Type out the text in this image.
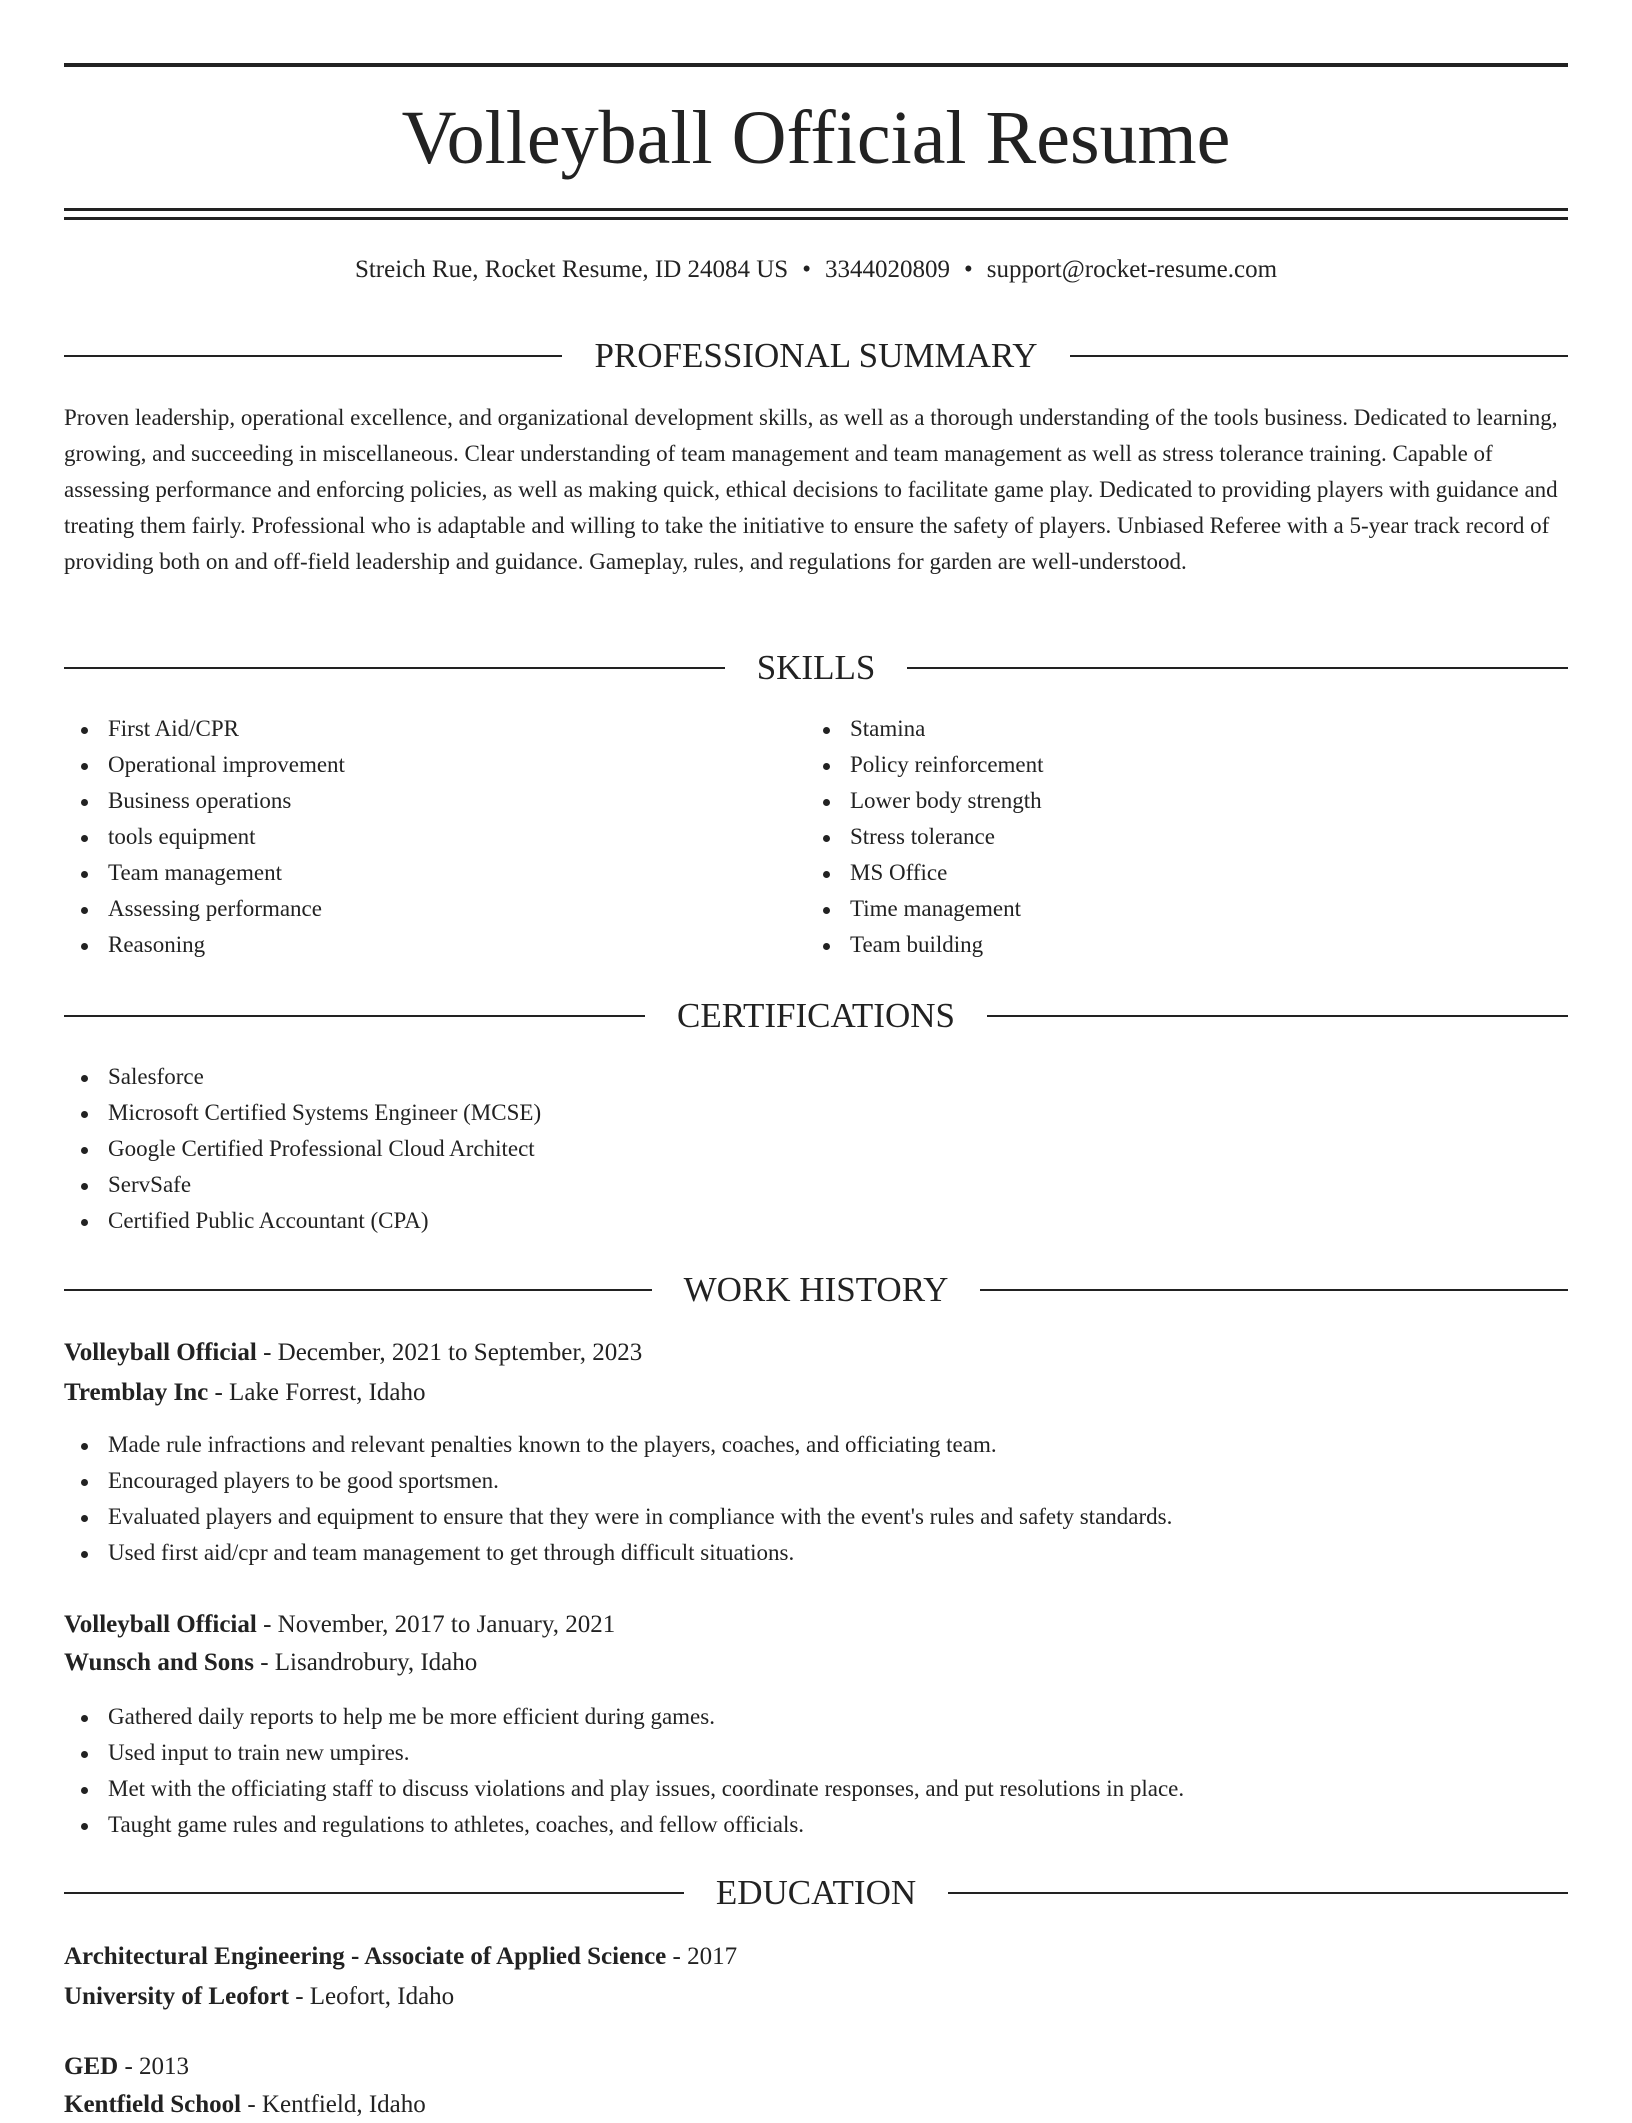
Volleyball Official Resume
Streich Rue, Rocket Resume, ID 24084 US • 3344020809 • support@rocket-resume.com
PROFESSIONAL SUMMARY

Proven leadership, operational excellence, and organizational development skills, as well as a thorough understanding of the tools business. Dedicated to learning, growing, and succeeding in miscellaneous. Clear understanding of team management and team management as well as stress tolerance training. Capable of assessing performance and enforcing policies, as well as making quick, ethical decisions to facilitate game play. Dedicated to providing players with guidance and treating them fairly. Professional who is adaptable and willing to take the initiative to ensure the safety of players. Unbiased Referee with a 5-year track record of providing both on and off-field leadership and guidance. Gameplay, rules, and regulations for garden are well-understood.

SKILLS
First Aid/CPR
Operational improvement
Business operations
tools equipment
Team management
Assessing performance
Reasoning
Stamina
Policy reinforcement
Lower body strength
Stress tolerance
MS Office
Time management
Team building
CERTIFICATIONS
Salesforce
Microsoft Certified Systems Engineer (MCSE)
Google Certified Professional Cloud Architect
ServSafe
Certified Public Accountant (CPA)
WORK HISTORY
Volleyball Official - December, 2021 to September, 2023
Tremblay Inc - Lake Forrest, Idaho
Made rule infractions and relevant penalties known to the players, coaches, and officiating team.
Encouraged players to be good sportsmen.
Evaluated players and equipment to ensure that they were in compliance with the event's rules and safety standards.
Used first aid/cpr and team management to get through difficult situations.
Volleyball Official - November, 2017 to January, 2021
Wunsch and Sons - Lisandrobury, Idaho
Gathered daily reports to help me be more efficient during games.
Used input to train new umpires.
Met with the officiating staff to discuss violations and play issues, coordinate responses, and put resolutions in place.
Taught game rules and regulations to athletes, coaches, and fellow officials.
EDUCATION
Architectural Engineering - Associate of Applied Science - 2017
University of Leofort - Leofort, Idaho
GED - 2013
Kentfield School - Kentfield, Idaho
